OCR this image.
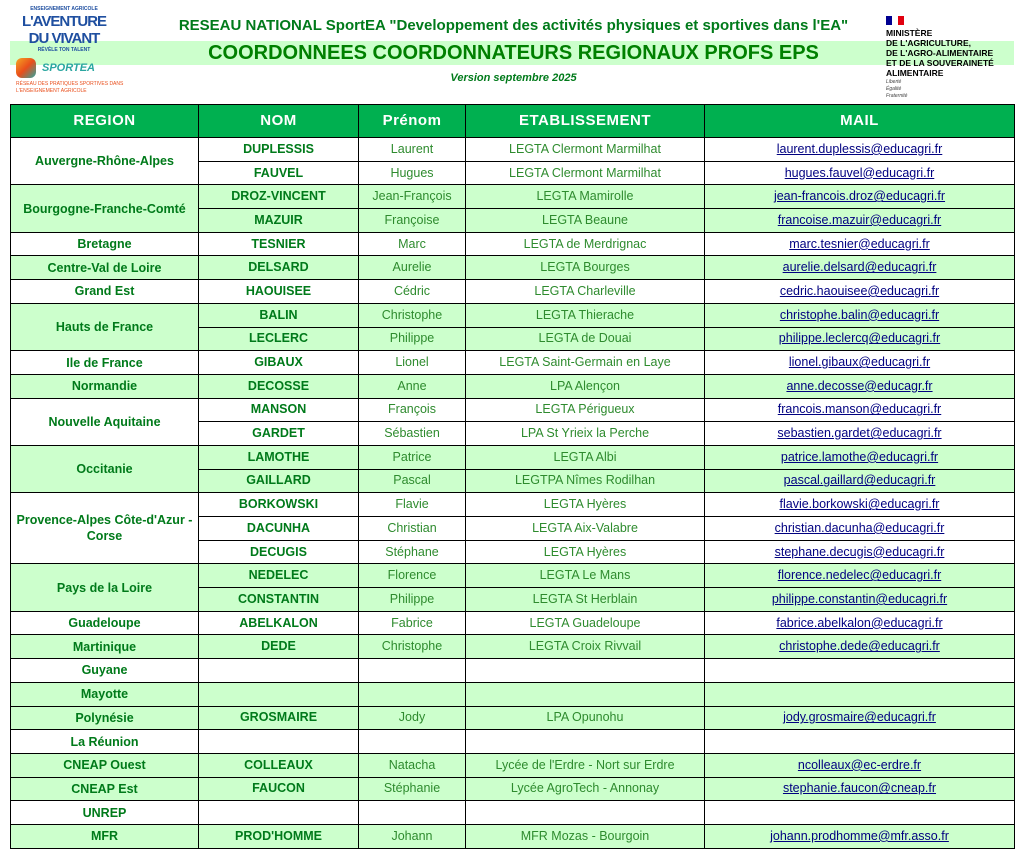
RESEAU NATIONAL SportEA "Developpement des activités physiques et sportives dans l'EA"
COORDONNEES COORDONNATEURS REGIONAUX PROFS EPS
Version septembre 2025
ENSEIGNEMENT AGRICOLE
L'AVENTURE
DU VIVANT
RÉVÈLE TON TALENT
SPORTEA
RÉSEAU DES PRATIQUES SPORTIVES DANS L'ENSEIGNEMENT AGRICOLE
MINISTÈRE
DE L'AGRICULTURE,
DE L'AGRO-ALIMENTAIRE
ET DE LA SOUVERAINETÉ
ALIMENTAIRE
Liberté
Égalité
Fraternité
REGION	NOM	Prénom	ETABLISSEMENT	MAIL
Auvergne-Rhône-Alpes	DUPLESSIS	Laurent	LEGTA Clermont Marmilhat	laurent.duplessis@educagri.fr
	FAUVEL	Hugues	LEGTA Clermont Marmilhat	hugues.fauvel@educagri.fr
Bourgogne-Franche-Comté	DROZ-VINCENT	Jean-François	LEGTA Mamirolle	jean-francois.droz@educagri.fr
	MAZUIR	Françoise	LEGTA Beaune	francoise.mazuir@educagri.fr
Bretagne	TESNIER	Marc	LEGTA de Merdrignac	marc.tesnier@educagri.fr
Centre-Val de Loire	DELSARD	Aurelie	LEGTA Bourges	aurelie.delsard@educagri.fr
Grand Est	HAOUISEE	Cédric	LEGTA Charleville	cedric.haouisee@educagri.fr
Hauts de France	BALIN	Christophe	LEGTA Thierache	christophe.balin@educagri.fr
	LECLERC	Philippe	LEGTA de Douai	philippe.leclercq@educagri.fr
Ile de France	GIBAUX	Lionel	LEGTA Saint-Germain en Laye	lionel.gibaux@educagri.fr
Normandie	DECOSSE	Anne	LPA Alençon	anne.decosse@educagr.fr
Nouvelle Aquitaine	MANSON	François	LEGTA Périgueux	francois.manson@educagri.fr
	GARDET	Sébastien	LPA St Yrieix la Perche	sebastien.gardet@educagri.fr
Occitanie	LAMOTHE	Patrice	LEGTA Albi	patrice.lamothe@educagri.fr
	GAILLARD	Pascal	LEGTPA Nîmes Rodilhan	pascal.gaillard@educagri.fr
Provence-Alpes Côte-d'Azur - Corse	BORKOWSKI	Flavie	LEGTA Hyères	flavie.borkowski@educagri.fr
	DACUNHA	Christian	LEGTA Aix-Valabre	christian.dacunha@educagri.fr
	DECUGIS	Stéphane	LEGTA Hyères	stephane.decugis@educagri.fr
Pays de la Loire	NEDELEC	Florence	LEGTA Le Mans	florence.nedelec@educagri.fr
	CONSTANTIN	Philippe	LEGTA St Herblain	philippe.constantin@educagri.fr
Guadeloupe	ABELKALON	Fabrice	LEGTA Guadeloupe	fabrice.abelkalon@educagri.fr
Martinique	DEDE	Christophe	LEGTA Croix Rivvail	christophe.dede@educagri.fr
Guyane				
Mayotte				
Polynésie	GROSMAIRE	Jody	LPA Opunohu	jody.grosmaire@educagri.fr
La Réunion				
CNEAP Ouest	COLLEAUX	Natacha	Lycée de l'Erdre - Nort sur Erdre	ncolleaux@ec-erdre.fr
CNEAP Est	FAUCON	Stéphanie	Lycée AgroTech - Annonay	stephanie.faucon@cneap.fr
UNREP				
MFR	PROD'HOMME	Johann	MFR Mozas - Bourgoin	johann.prodhomme@mfr.asso.fr
